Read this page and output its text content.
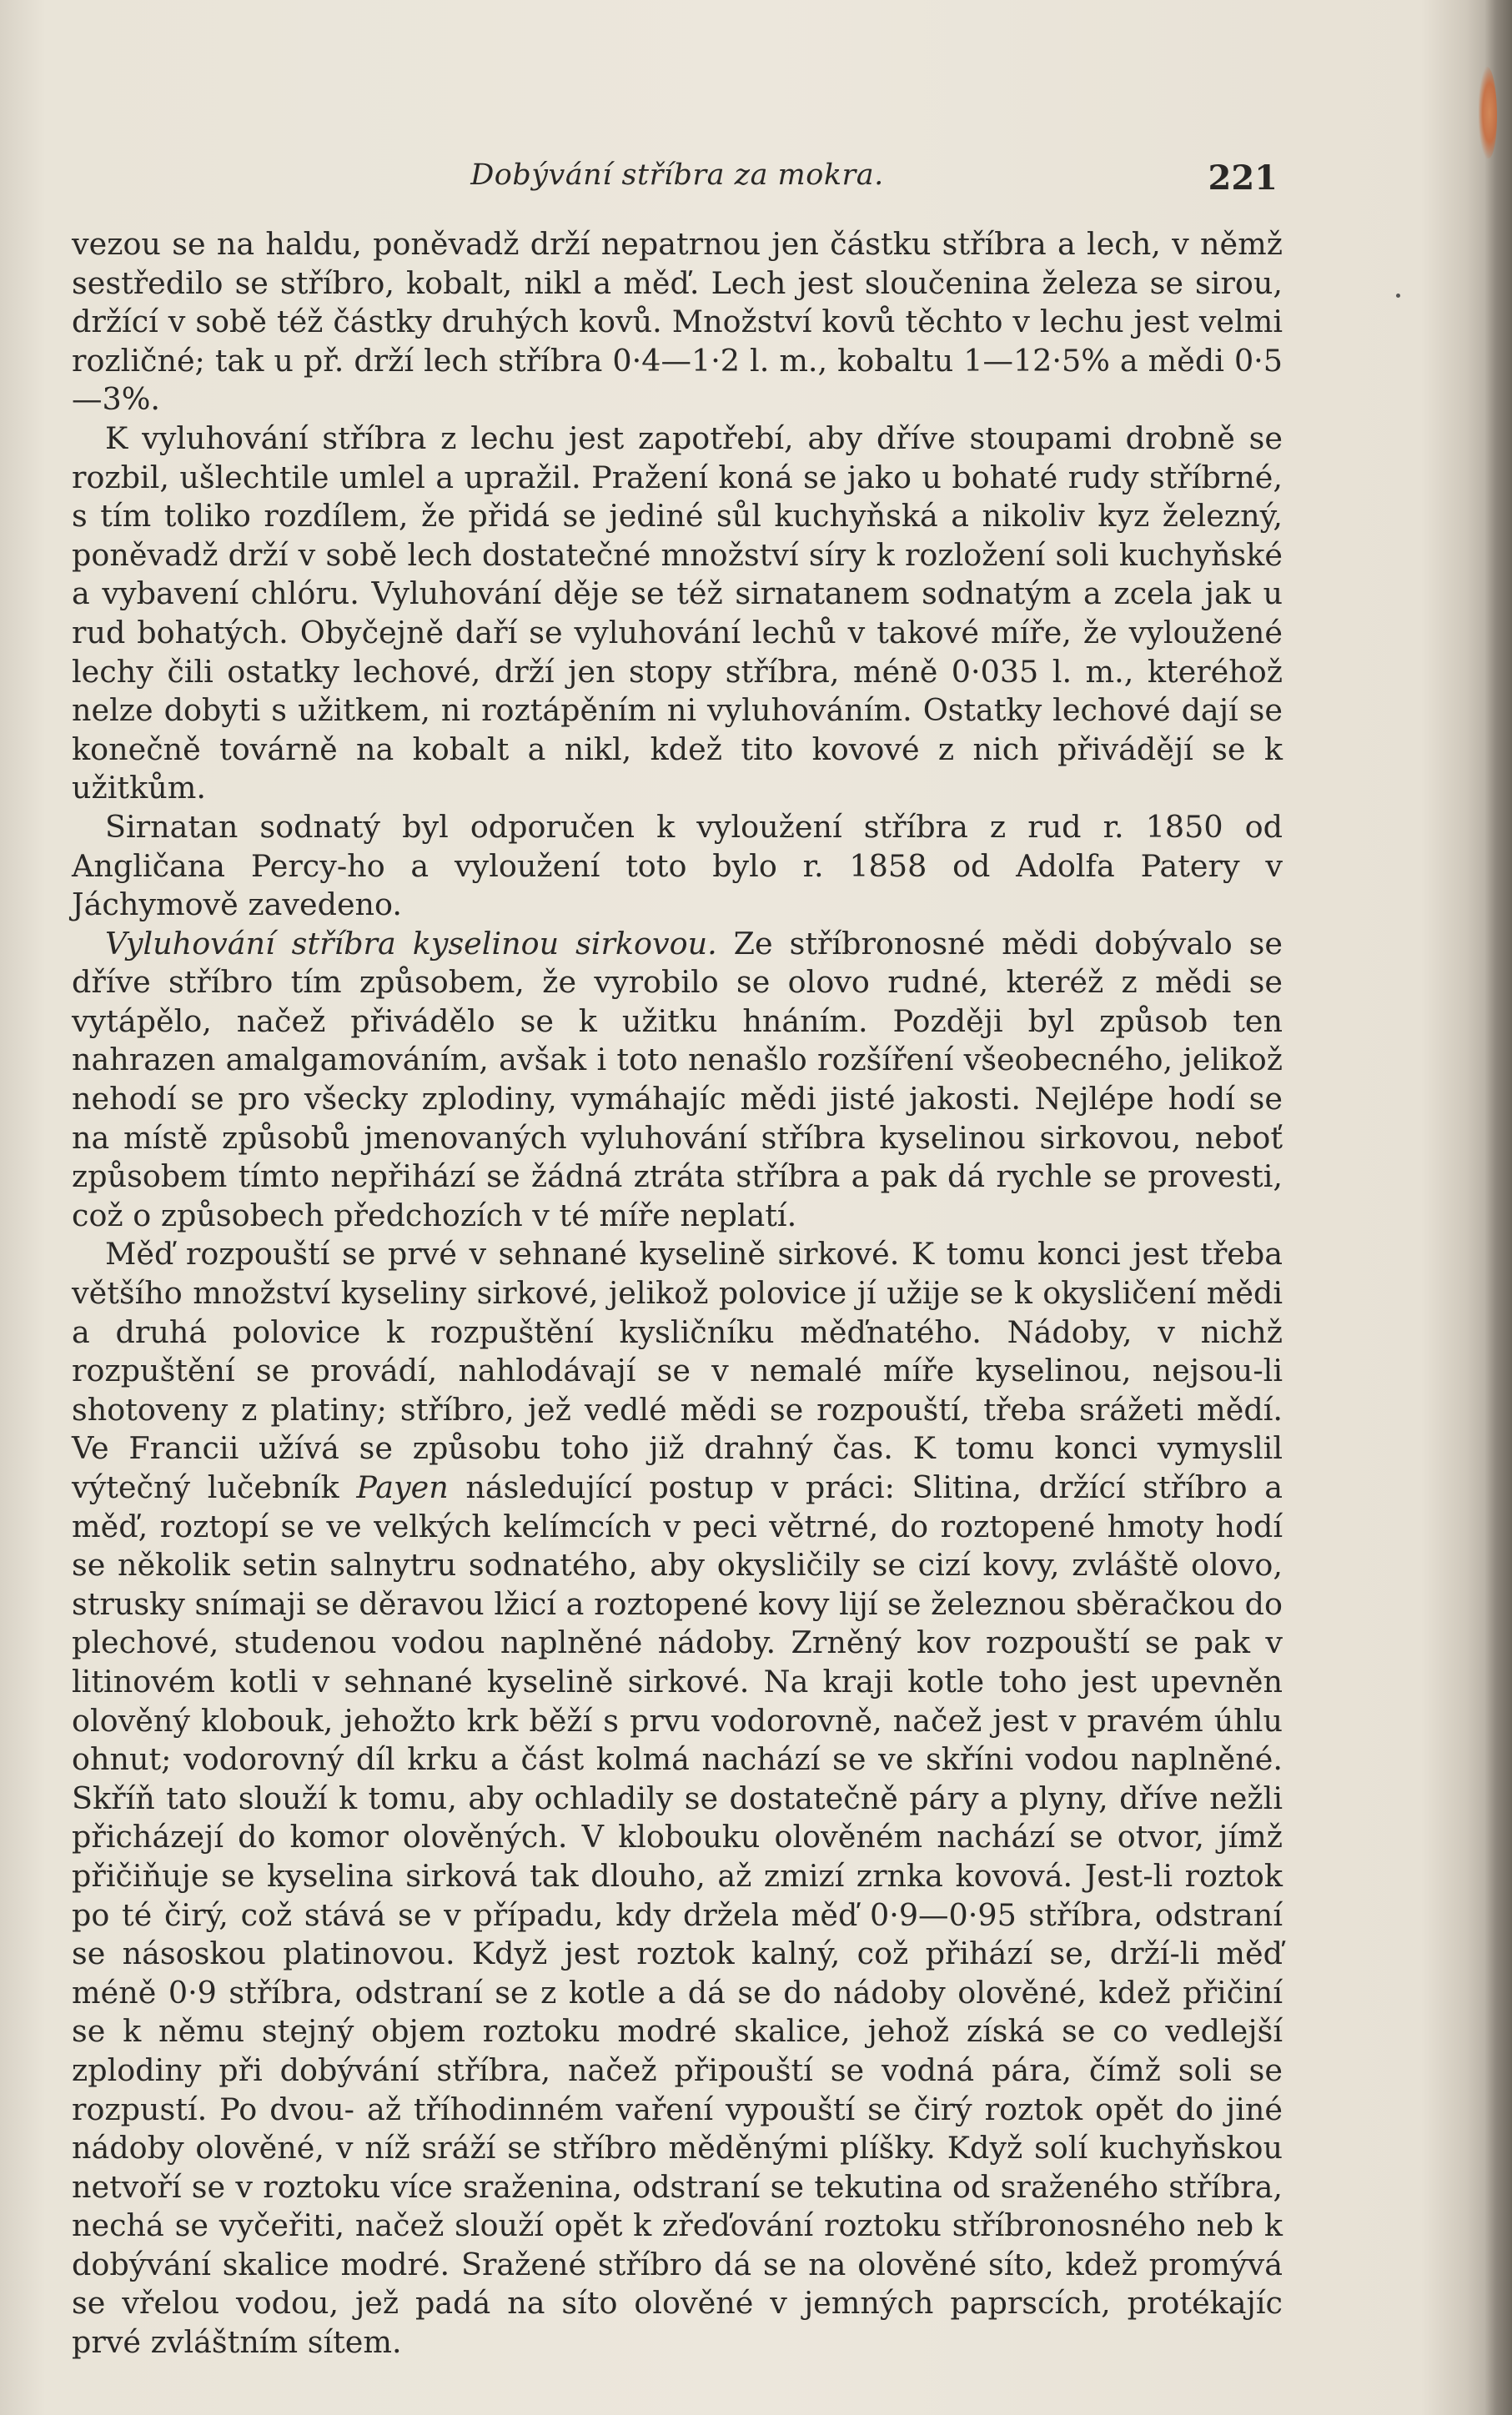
Dobývání stříbra za mokra.	221

vezou se na haldu, poněvadž drží nepatrnou jen částku stříbra a lech, v němž sestředilo se stříbro, kobalt, nikl a měď. Lech jest sloučenina železa se sirou, držící v sobě též částky druhých kovů. Množství kovů těchto v lechu jest velmi rozličné; tak u př. drží lech stříbra 0·4—1·2 l. m., kobaltu 1—12·5% a mědi 0·5—3%.

K vyluhování stříbra z lechu jest zapotřebí, aby dříve stoupami drobně se rozbil, ušlechtile umlel a upražil. Pražení koná se jako u bohaté rudy stříbrné, s tím toliko rozdílem, že přidá se jediné sůl kuchyňská a nikoliv kyz železný, poněvadž drží v sobě lech dostatečné množství síry k rozložení soli kuchyňské a vybavení chlóru. Vyluhování děje se též sirnatanem sodnatým a zcela jak u rud bohatých. Obyčejně daří se vyluhování lechů v takové míře, že vyloužené lechy čili ostatky lechové, drží jen stopy stříbra, méně 0·035 l. m., kteréhož nelze dobyti s užitkem, ni roztápěním ni vyluhováním. Ostatky lechové dají se konečně továrně na kobalt a nikl, kdež tito kovové z nich přivádějí se k užitkům.

Sirnatan sodnatý byl odporučen k vyloužení stříbra z rud r. 1850 od Angličana Percy-ho a vyloužení toto bylo r. 1858 od Adolfa Patery v Jáchymově zavedeno.

Vyluhování stříbra kyselinou sirkovou. Ze stříbronosné mědi dobývalo se dříve stříbro tím způsobem, že vyrobilo se olovo rudné, kteréž z mědi se vytápělo, načež přivádělo se k užitku hnáním. Později byl způsob ten nahrazen amalgamováním, avšak i toto nenašlo rozšíření všeobecného, jelikož nehodí se pro všecky zplodiny, vymáhajíc mědi jisté jakosti. Nejlépe hodí se na místě způsobů jmenovaných vyluhování stříbra kyselinou sirkovou, neboť způsobem tímto nepřihází se žádná ztráta stříbra a pak dá rychle se provesti, což o způsobech předchozích v té míře neplatí.

Měď rozpouští se prvé v sehnané kyselině sirkové. K tomu konci jest třeba většího množství kyseliny sirkové, jelikož polovice jí užije se k okysličení mědi a druhá polovice k rozpuštění kysličníku měďnatého. Nádoby, v nichž rozpuštění se provádí, nahlodávají se v nemalé míře kyselinou, nejsou-li shotoveny z platiny; stříbro, jež vedlé mědi se rozpouští, třeba srážeti mědí. Ve Francii užívá se způsobu toho již drahný čas. K tomu konci vymyslil výtečný lučebník Payen následující postup v práci: Slitina, držící stříbro a měď, roztopí se ve velkých kelímcích v peci větrné, do roztopené hmoty hodí se několik setin salnytru sodnatého, aby okysličily se cizí kovy, zvláště olovo, strusky snímaji se děravou lžicí a roztopené kovy lijí se železnou sběračkou do plechové, studenou vodou naplněné nádoby. Zrněný kov rozpouští se pak v litinovém kotli v sehnané kyselině sirkové. Na kraji kotle toho jest upevněn olověný klobouk, jehožto krk běží s prvu vodorovně, načež jest v pravém úhlu ohnut; vodorovný díl krku a část kolmá nachází se ve skříni vodou naplněné. Skříň tato slouží k tomu, aby ochladily se dostatečně páry a plyny, dříve nežli přicházejí do komor olověných. V klobouku olověném nachází se otvor, jímž přičiňuje se kyselina sirková tak dlouho, až zmizí zrnka kovová. Jest-li roztok po té čirý, což stává se v případu, kdy držela měď 0·9—0·95 stříbra, odstraní se násoskou platinovou. Když jest roztok kalný, což přihází se, drží-li měď méně 0·9 stříbra, odstraní se z kotle a dá se do nádoby olověné, kdež přičiní se k němu stejný objem roztoku modré skalice, jehož získá se co vedlejší zplodiny při dobývání stříbra, načež připouští se vodná pára, čímž soli se rozpustí. Po dvou- až tříhodinném vaření vypouští se čirý roztok opět do jiné nádoby olověné, v níž sráží se stříbro měděnými plíšky. Když solí kuchyňskou netvoří se v roztoku více sraženina, odstraní se tekutina od sraženého stříbra, nechá se vyčeřiti, načež slouží opět k zřeďování roztoku stříbronosného neb k dobývání skalice modré. Sražené stříbro dá se na olověné síto, kdež promývá se vřelou vodou, jež padá na síto olověné v jemných paprscích, protékajíc prvé zvláštním sítem.
